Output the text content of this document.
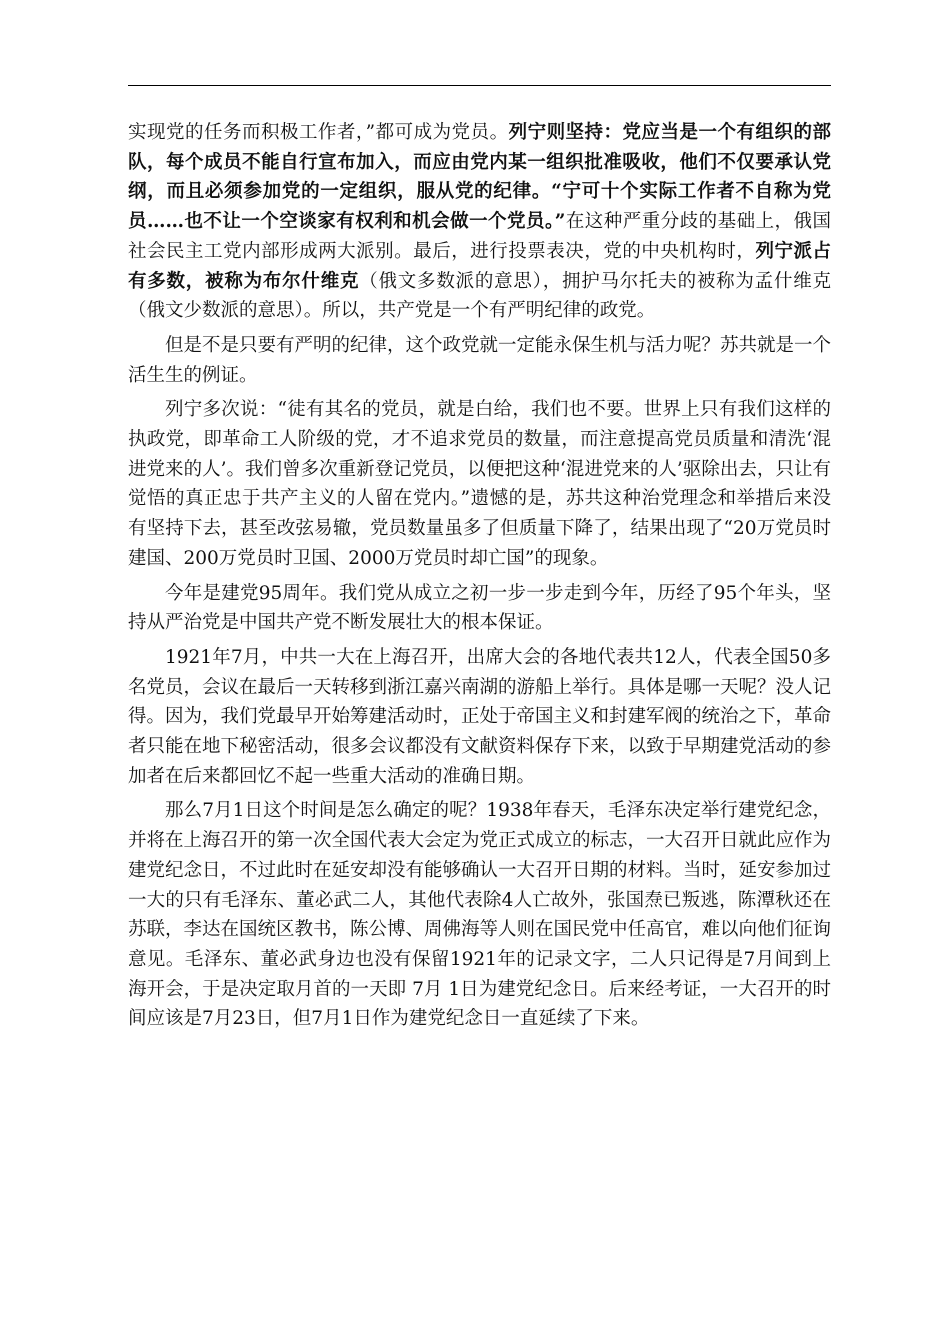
实现党的任务而积极工作者，”都可成为党员。列宁则坚持：党应当是一个有组织的部队，每个成员不能自行宣布加入，而应由党内某一组织批准吸收，他们不仅要承认党纲，而且必须参加党的一定组织，服从党的纪律。“宁可十个实际工作者不自称为党员……也不让一个空谈家有权利和机会做一个党员。”在这种严重分歧的基础上，俄国社会民主工党内部形成两大派别。最后，进行投票表决，党的中央机构时，列宁派占有多数，被称为布尔什维克（俄文多数派的意思），拥护马尔托夫的被称为孟什维克（俄文少数派的意思）。所以，共产党是一个有严明纪律的政党。

但是不是只要有严明的纪律，这个政党就一定能永保生机与活力呢？苏共就是一个活生生的例证。

列宁多次说：“徒有其名的党员，就是白给，我们也不要。世界上只有我们这样的执政党，即革命工人阶级的党，才不追求党员的数量，而注意提高党员质量和清洗‘混进党来的人’。我们曾多次重新登记党员，以便把这种‘混进党来的人’驱除出去，只让有觉悟的真正忠于共产主义的人留在党内。”遗憾的是，苏共这种治党理念和举措后来没有坚持下去，甚至改弦易辙，党员数量虽多了但质量下降了，结果出现了“20万党员时建国、200万党员时卫国、2000万党员时却亡国”的现象。

今年是建党95周年。我们党从成立之初一步一步走到今年，历经了95个年头，坚持从严治党是中国共产党不断发展壮大的根本保证。

1921年7月，中共一大在上海召开，出席大会的各地代表共12人，代表全国50多名党员，会议在最后一天转移到浙江嘉兴南湖的游船上举行。具体是哪一天呢？没人记得。因为，我们党最早开始筹建活动时，正处于帝国主义和封建军阀的统治之下，革命者只能在地下秘密活动，很多会议都没有文献资料保存下来，以致于早期建党活动的参加者在后来都回忆不起一些重大活动的准确日期。

那么7月1日这个时间是怎么确定的呢？1938年春天，毛泽东决定举行建党纪念，并将在上海召开的第一次全国代表大会定为党正式成立的标志，一大召开日就此应作为建党纪念日，不过此时在延安却没有能够确认一大召开日期的材料。当时，延安参加过一大的只有毛泽东、董必武二人，其他代表除4人亡故外，张国焘已叛逃，陈潭秋还在苏联，李达在国统区教书，陈公博、周佛海等人则在国民党中任高官，难以向他们征询意见。毛泽东、董必武身边也没有保留1921年的记录文字，二人只记得是7月间到上海开会，于是决定取月首的一天即 7月 1日为建党纪念日。后来经考证，一大召开的时间应该是7月23日，但7月1日作为建党纪念日一直延续了下来。
